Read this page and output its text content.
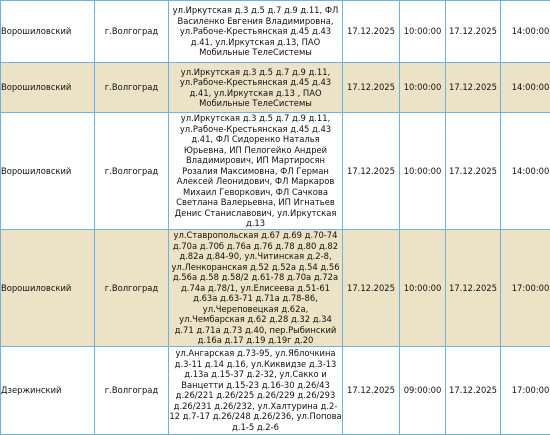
Ворошиловский	г.Волгоград	ул.Иркутская д.3 д.5 д.7 д.9 д.11, ФЛ Василенко Евгения Владимировна, ул.Рабоче-Крестьянская д.45 д.43 д.41, ул.Иркутская д.13, ПАО Мобильные ТелеСистемы	17.12.2025	10:00:00	17.12.2025	14:00:00
Ворошиловский	г.Волгоград	ул.Иркутская д.3 д.5 д.7 д.9 д.11, ул.Рабоче-Крестьянская д.45 д.43 д.41, ул.Иркутская д.13 , ПАО Мобильные ТелеСистемы	17.12.2025	10:00:00	17.12.2025	14:00:00
Ворошиловский	г.Волгоград	ул.Иркутская д.3 д.5 д.7 д.9 д.11, ул.Рабоче-Крестьянская д.45 д.43 д.41, ФЛ Сидоренко Наталья Юрьевна, ИП Пелогейко Андрей Владимирович, ИП Мартиросян Розалия Максимовна, ФЛ Герман Алексей Леонидович, ФЛ Маркаров Михаил Геворкович, ФЛ Сачкова Светлана Валерьевна, ИП Игнатьев Денис Станиславович, ул.Иркутская д.13	17.12.2025	10:00:00	17.12.2025	14:00:00
Ворошиловский	г.Волгоград	ул.Ставропольская д.67 д.69 д.70-74 д.70а д.70б д.76а д.76 д.78 д.80 д.82 д.82а д.84-90, ул.Читинская д.2-8, ул.Ленкоранская д.52 д.52а д.54 д.56 д.56а д.58 д.58/2 д.61-78 д.70а д.72а д.74а д.78/1, ул.Елисеева д.51-61 д.63а д.63-71 д.71а д.78-86, ул.Череповецкая д.62а, ул.Чембарская д.62 д.28 д.32 д.34 д.71 д.71а д.73 д.40, пер.Рыбинский д.16а д.17 д.19 д.19г д.20	17.12.2025	10:00:00	17.12.2025	17:00:00
Дзержинский	г.Волгоград	ул.Ангарская д.73-95, ул.Яблочкина д.3-11 д.14 д.16, ул.Киквидзе д.3-13 д.13а д.15-37 д.2-32, ул.Сакко и Ванцетти д.15-23 д.16-30 д.26/43 д.26/221 д.26/225 д.26/229 д.26/293 д.26/231 д.26/232, ул.Халтурина д.2-12 д.7-17 д.26/248 д.26/236, ул.Попова д.1-5 д.2-6	17.12.2025	09:00:00	17.12.2025	17:00:00
